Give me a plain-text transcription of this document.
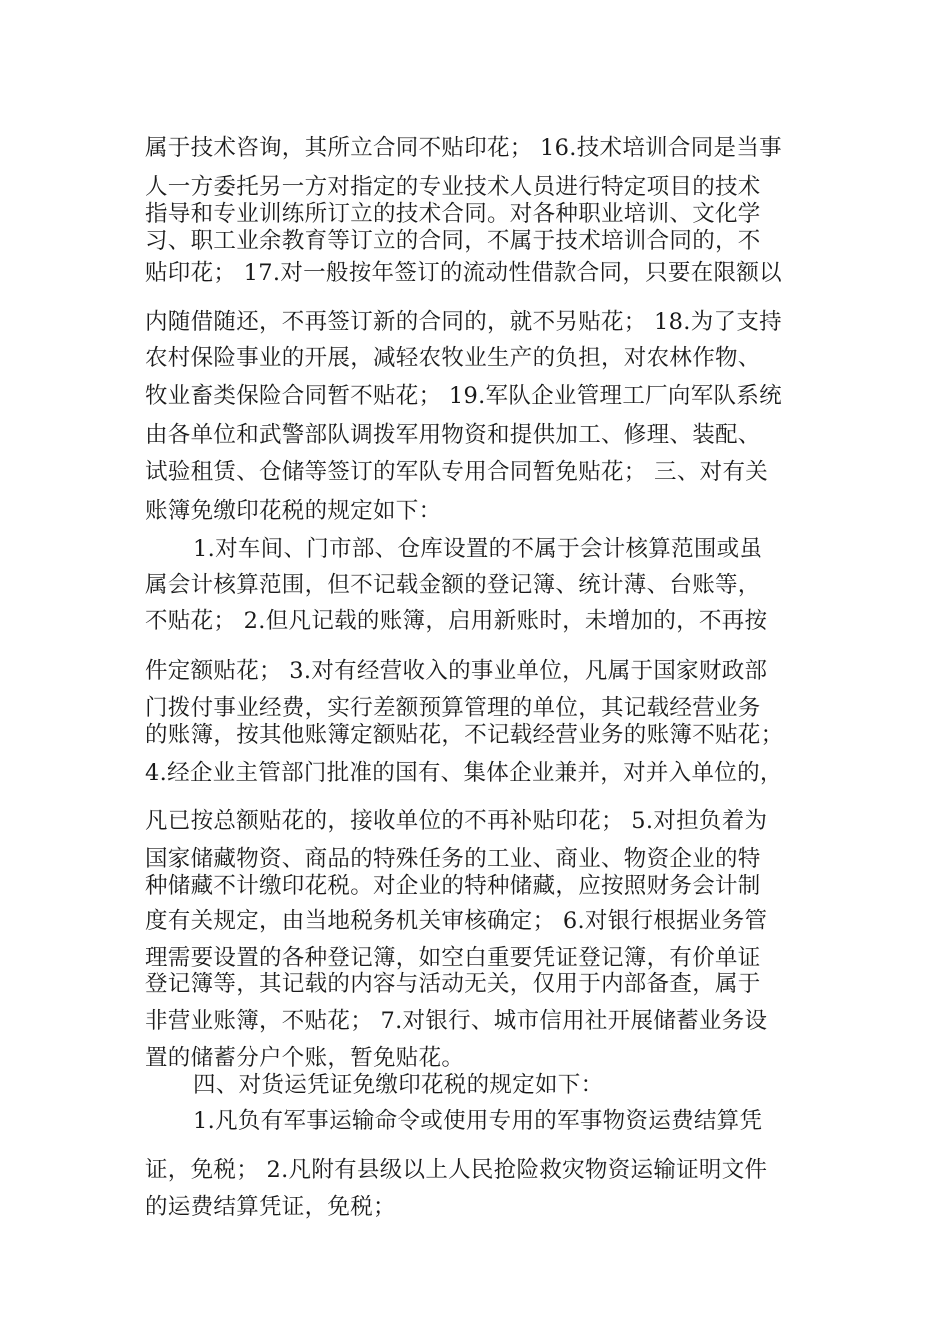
属于技术咨询，其所立合同不贴印花； 16.技术培训合同是当事

人一方委托另一方对指定的专业技术人员进行特定项目的技术

指导和专业训练所订立的技术合同。对各种职业培训、文化学

习、职工业余教育等订立的合同，不属于技术培训合同的，不

贴印花； 17.对一般按年签订的流动性借款合同，只要在限额以

内随借随还，不再签订新的合同的，就不另贴花； 18.为了支持

农村保险事业的开展，减轻农牧业生产的负担，对农林作物、

牧业畜类保险合同暂不贴花； 19.军队企业管理工厂向军队系统

由各单位和武警部队调拨军用物资和提供加工、修理、装配、

试验租赁、仓储等签订的军队专用合同暂免贴花； 三、对有关

账簿免缴印花税的规定如下：

1.对车间、门市部、仓库设置的不属于会计核算范围或虽

属会计核算范围，但不记载金额的登记簿、统计薄、台账等，

不贴花； 2.但凡记载的账簿，启用新账时，未增加的，不再按

件定额贴花； 3.对有经营收入的事业单位，凡属于国家财政部

门拨付事业经费，实行差额预算管理的单位，其记载经营业务

的账簿，按其他账簿定额贴花，不记载经营业务的账簿不贴花；

4.经企业主管部门批准的国有、集体企业兼并，对并入单位的，

凡已按总额贴花的，接收单位的不再补贴印花； 5.对担负着为

国家储藏物资、商品的特殊任务的工业、商业、物资企业的特

种储藏不计缴印花税。对企业的特种储藏，应按照财务会计制

度有关规定，由当地税务机关审核确定； 6.对银行根据业务管

理需要设置的各种登记簿，如空白重要凭证登记簿，有价单证

登记簿等，其记载的内容与活动无关，仅用于内部备查，属于

非营业账簿，不贴花； 7.对银行、城市信用社开展储蓄业务设

置的储蓄分户个账，暂免贴花。

四、对货运凭证免缴印花税的规定如下：

1.凡负有军事运输命令或使用专用的军事物资运费结算凭

证，免税； 2.凡附有县级以上人民抢险救灾物资运输证明文件

的运费结算凭证，免税；
